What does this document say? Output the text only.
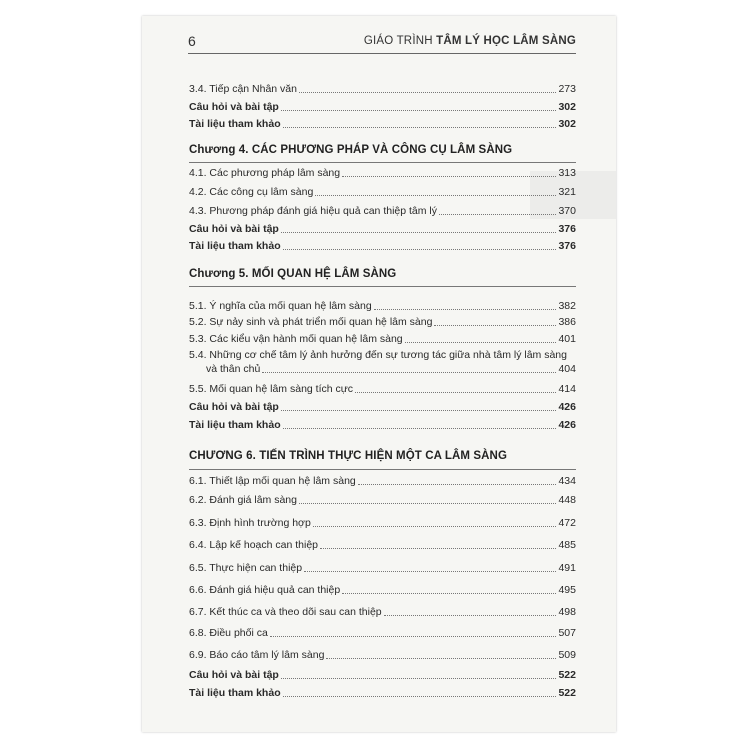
6	GIÁO TRÌNH TÂM LÝ HỌC LÂM SÀNG
3.4. Tiếp cận Nhân văn	273
Câu hỏi và bài tập	302
Tài liệu tham khảo	302
Chương 4. CÁC PHƯƠNG PHÁP VÀ CÔNG CỤ LÂM SÀNG
4.1. Các phương pháp lâm sàng	313
4.2. Các công cụ lâm sàng	321
4.3. Phương pháp đánh giá hiệu quả can thiệp tâm lý	370
Câu hỏi và bài tập	376
Tài liệu tham khảo	376
Chương 5. MỐI QUAN HỆ LÂM SÀNG
5.1. Ý nghĩa của mối quan hệ lâm sàng	382
5.2. Sự nảy sinh và phát triển mối quan hệ lâm sàng	386
5.3. Các kiểu vận hành mối quan hệ lâm sàng	401
5.4. Những cơ chế tâm lý ảnh hưởng đến sự tương tác giữa nhà tâm lý lâm sàng
và thân chủ	404
5.5. Mối quan hệ lâm sàng tích cực	414
Câu hỏi và bài tập	426
Tài liệu tham khảo	426
CHƯƠNG 6. TIẾN TRÌNH THỰC HIỆN MỘT CA LÂM SÀNG
6.1. Thiết lập mối quan hệ lâm sàng	434
6.2. Đánh giá lâm sàng	448
6.3. Định hình trường hợp	472
6.4. Lập kế hoạch can thiệp	485
6.5. Thực hiện can thiệp	491
6.6. Đánh giá hiệu quả can thiệp	495
6.7. Kết thúc ca và theo dõi sau can thiệp	498
6.8. Điều phối ca	507
6.9. Báo cáo tâm lý lâm sàng	509
Câu hỏi và bài tập	522
Tài liệu tham khảo	522
